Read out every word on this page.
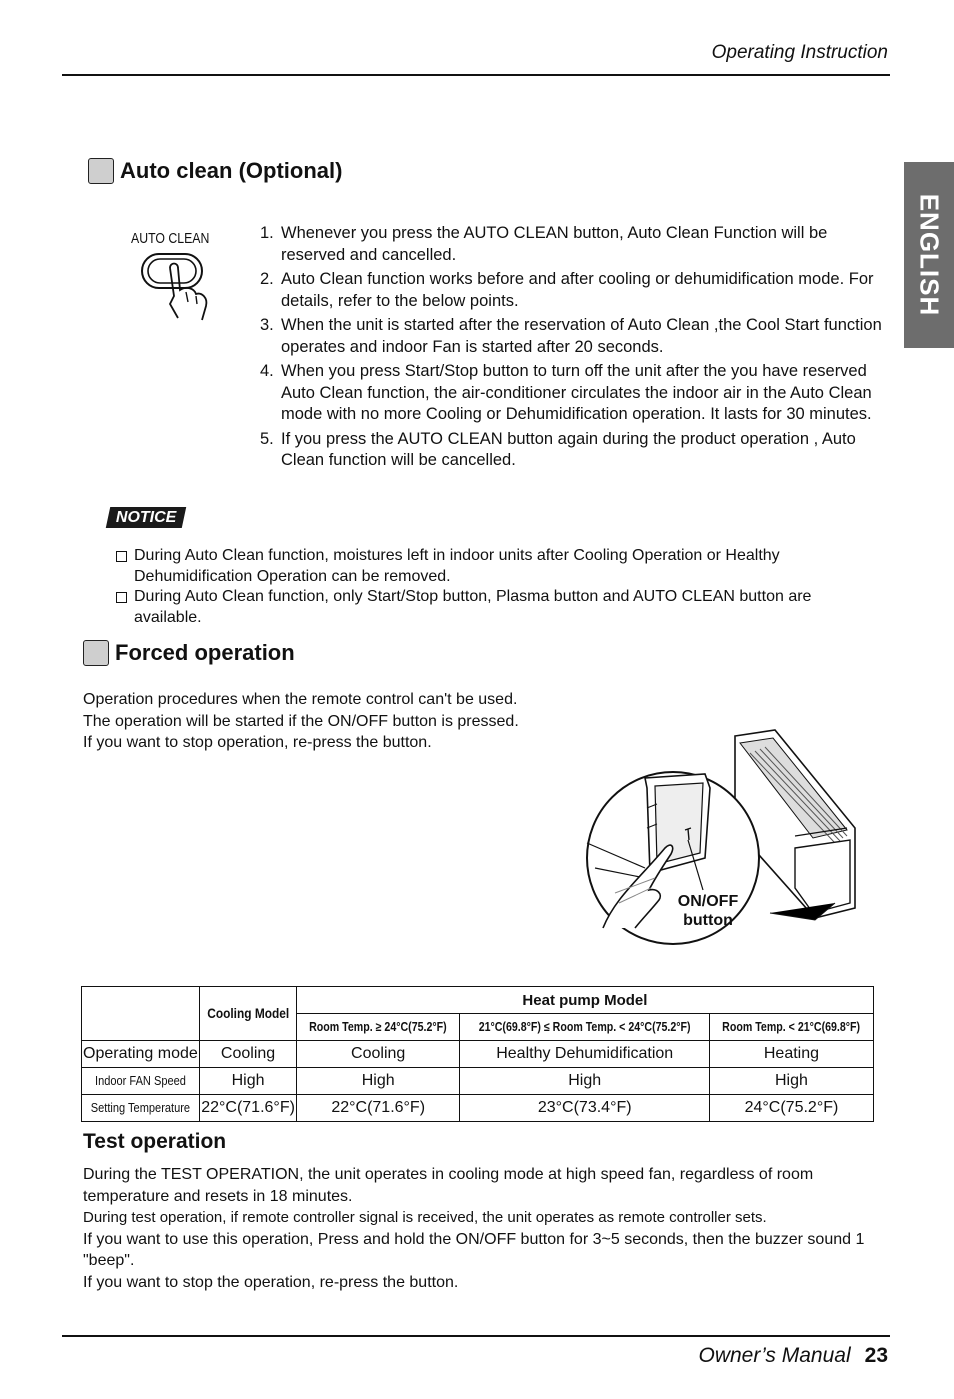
Operating Instruction
ENGLISH
Auto clean (Optional)
AUTO CLEAN	1. Whenever you press the AUTO CLEAN button, Auto Clean Function will be reserved and cancelled.
2. Auto Clean function works before and after cooling or dehumidification mode. For details, refer to the below points.
3. When the unit is started after the reservation of Auto Clean ,the Cool Start function operates and indoor Fan is started after 20 seconds.
4. When you press Start/Stop button to turn off the unit after the you have reserved Auto Clean function, the air-conditioner circulates the indoor air in the Auto Clean mode with no more Cooling or Dehumidification operation. It lasts for 30 minutes.
5. If you press the AUTO CLEAN button again during the product operation , Auto Clean function will be cancelled.
NOTICE
During Auto Clean function, moistures left in indoor units after Cooling Operation or Healthy Dehumidification Operation can be removed.
During Auto Clean function, only Start/Stop button, Plasma button and AUTO CLEAN button are available.
Forced operation
Operation procedures when the remote control can't be used.
The operation will be started if the ON/OFF button is pressed.
If you want to stop operation, re-press the button.
ON/OFF
button
	Cooling Model	Heat pump Model		
		Room Temp. ≥ 24°C(75.2°F)	21°C(69.8°F) ≤ Room Temp. < 24°C(75.2°F)	Room Temp. < 21°C(69.8°F)
Operating mode	Cooling	Cooling	Healthy Dehumidification	Heating
Indoor FAN Speed	High	High	High	High
Setting Temperature	22°C(71.6°F)	22°C(71.6°F)	23°C(73.4°F)	24°C(75.2°F)
Test operation
During the TEST OPERATION, the unit operates in cooling mode at high speed fan, regardless of room temperature and resets in 18 minutes.
During test operation, if remote controller signal is received, the unit operates as remote controller sets.
If you want to use this operation, Press and hold the ON/OFF button for 3~5 seconds, then the buzzer sound 1 "beep".
If you want to stop the operation, re-press the button.
Owner’s Manual 23
